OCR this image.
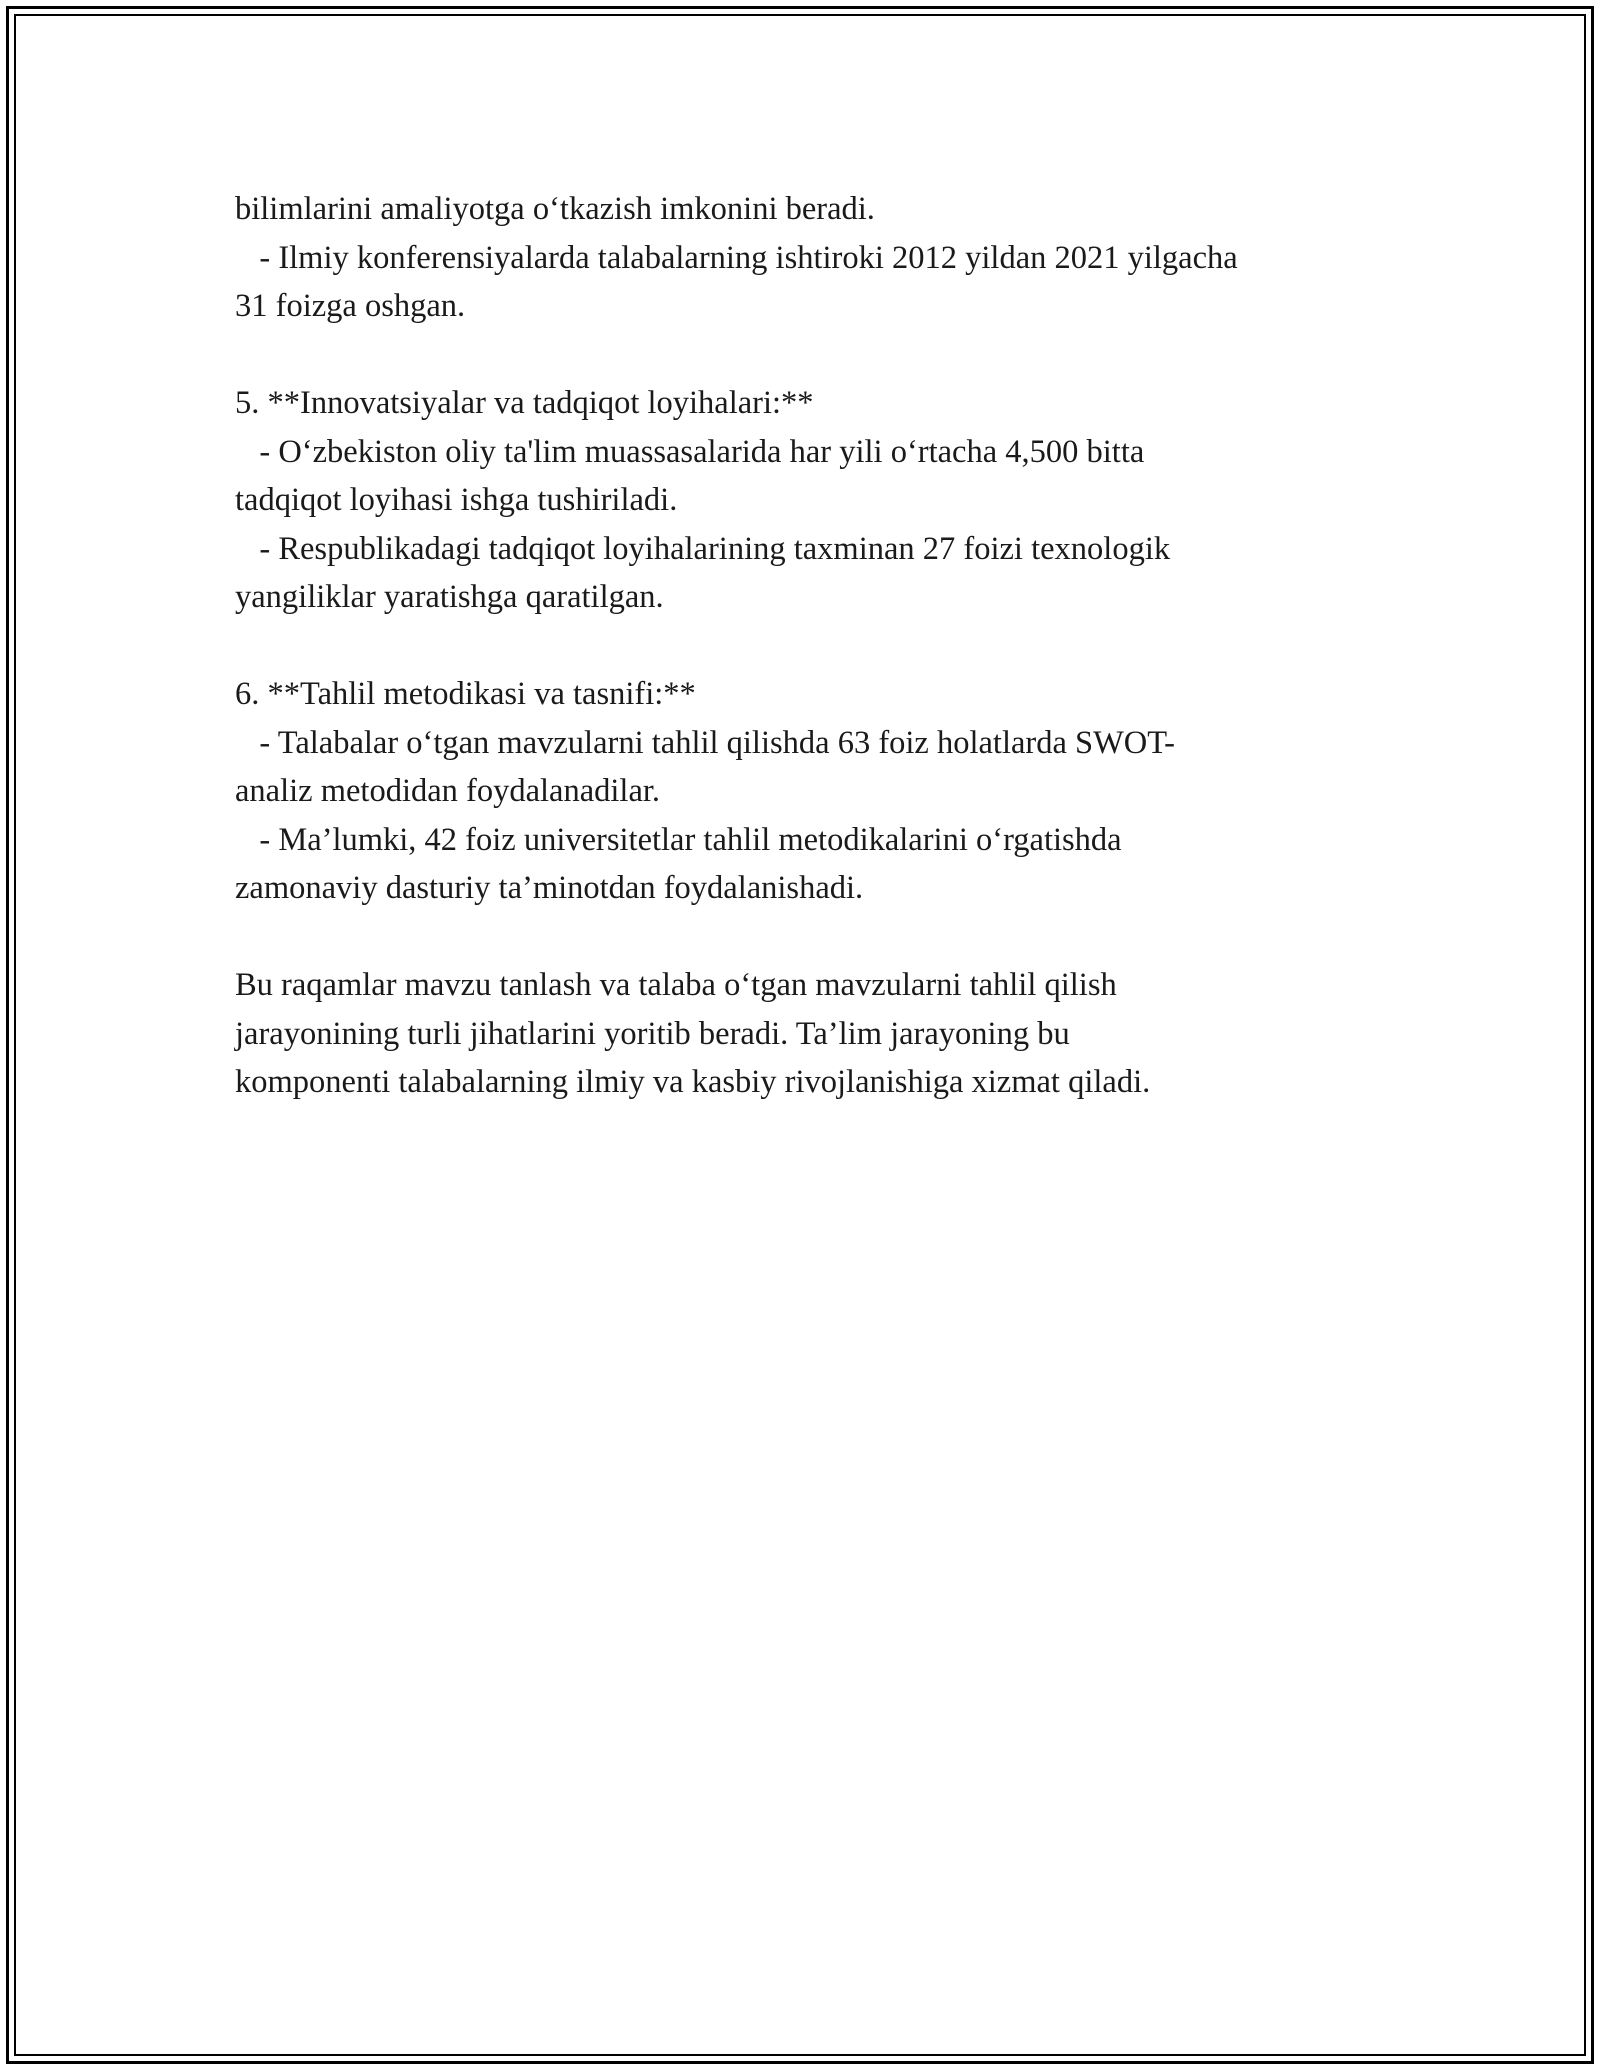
bilimlarini amaliyotga o‘tkazish imkonini beradi.
- Ilmiy konferensiyalarda talabalarning ishtiroki 2012 yildan 2021 yilgacha
31 foizga oshgan.
5. **Innovatsiyalar va tadqiqot loyihalari:**
- O‘zbekiston oliy ta'lim muassasalarida har yili o‘rtacha 4,500 bitta
tadqiqot loyihasi ishga tushiriladi.
- Respublikadagi tadqiqot loyihalarining taxminan 27 foizi texnologik
yangiliklar yaratishga qaratilgan.
6. **Tahlil metodikasi va tasnifi:**
- Talabalar o‘tgan mavzularni tahlil qilishda 63 foiz holatlarda SWOT-
analiz metodidan foydalanadilar.
- Ma’lumki, 42 foiz universitetlar tahlil metodikalarini o‘rgatishda
zamonaviy dasturiy ta’minotdan foydalanishadi.
Bu raqamlar mavzu tanlash va talaba o‘tgan mavzularni tahlil qilish
jarayonining turli jihatlarini yoritib beradi. Ta’lim jarayoning bu
komponenti talabalarning ilmiy va kasbiy rivojlanishiga xizmat qiladi.
